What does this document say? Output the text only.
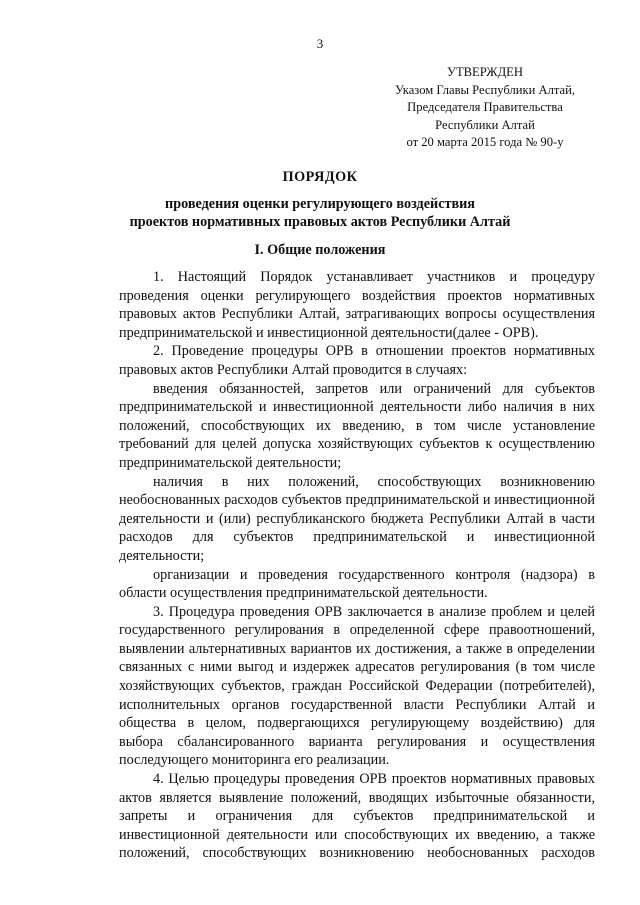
3
УТВЕРЖДЕН
Указом Главы Республики Алтай,
Председателя Правительства
Республики Алтай
от 20 марта 2015 года № 90-у
ПОРЯДОК
проведения оценки регулирующего воздействия
проектов нормативных правовых актов Республики Алтай
I. Общие положения

1. Настоящий Порядок устанавливает участников и процедуру проведения оценки регулирующего воздействия проектов нормативных правовых актов Республики Алтай, затрагивающих вопросы осуществления предпринимательской и инвестиционной деятельности(далее - ОРВ).

2. Проведение процедуры ОРВ в отношении проектов нормативных правовых актов Республики Алтай проводится в случаях:

введения обязанностей, запретов или ограничений для субъектов предпринимательской и инвестиционной деятельности либо наличия в них положений, способствующих их введению, в том числе установление требований для целей допуска хозяйствующих субъектов к осуществлению предпринимательской деятельности;

наличия в них положений, способствующих возникновению необоснованных расходов субъектов предпринимательской и инвестиционной деятельности и (или) республиканского бюджета Республики Алтай в части расходов для субъектов предпринимательской и инвестиционной деятельности;

организации и проведения государственного контроля (надзора) в области осуществления предпринимательской деятельности.

3. Процедура проведения ОРВ заключается в анализе проблем и целей государственного регулирования в определенной сфере правоотношений, выявлении альтернативных вариантов их достижения, а также в определении связанных с ними выгод и издержек адресатов регулирования (в том числе хозяйствующих субъектов, граждан Российской Федерации (потребителей), исполнительных органов государственной власти Республики Алтай и общества в целом, подвергающихся регулирующему воздействию) для выбора сбалансированного варианта регулирования и осуществления последующего мониторинга его реализации.

4. Целью процедуры проведения ОРВ проектов нормативных правовых актов является выявление положений, вводящих избыточные обязанности, запреты и ограничения для субъектов предпринимательской и инвестиционной деятельности или способствующих их введению, а также положений, способствующих возникновению необоснованных расходов
